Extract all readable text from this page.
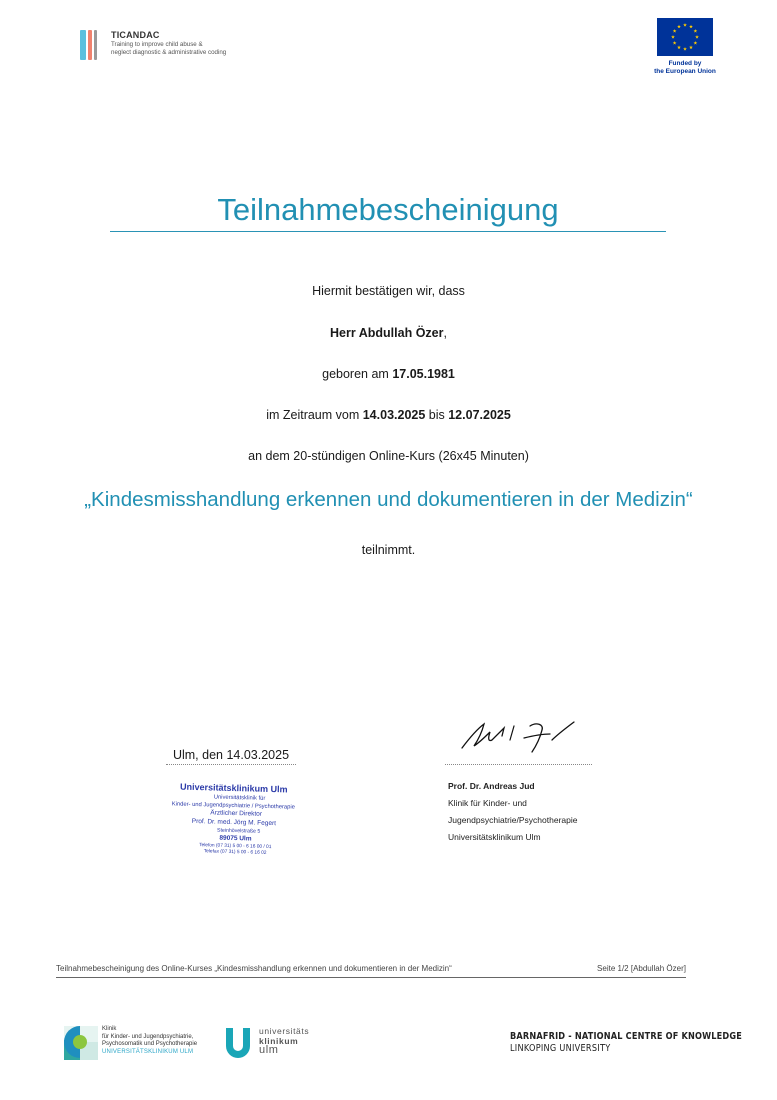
TICANDAC
Training to improve child abuse &
neglect diagnostic & administrative coding
Funded by
the European Union
Teilnahmebescheinigung
Hiermit bestätigen wir, dass
Herr Abdullah Özer,
geboren am 17.05.1981
im Zeitraum vom 14.03.2025 bis 12.07.2025
an dem 20-stündigen Online-Kurs (26x45 Minuten)
„Kindesmisshandlung erkennen und dokumentieren in der Medizin“
teilnimmt.
Ulm, den 14.03.2025
Universitätsklinikum Ulm
Universitätsklinik für
Kinder- und Jugendpsychiatrie / Psychotherapie
Ärztlicher Direktor
Prof. Dr. med. Jörg M. Fegert
Steinhövelstraße 5
89075 Ulm
Telefon (07 31) 5 00 - 6 16 00 / 01
Telefax (07 31) 5 00 - 6 16 02
Prof. Dr. Andreas Jud
Klinik für Kinder- und
Jugendpsychiatrie/Psychotherapie
Universitätsklinikum Ulm
Teilnahmebescheinigung des Online-Kurses „Kindesmisshandlung erkennen und dokumentieren in der Medizin“	Seite 1/2 [Abdullah Özer]
Klinik
für Kinder- und Jugendpsychiatrie,
Psychosomatik und Psychotherapie
UNIVERSITÄTSKLINIKUM ULM
universitäts
klinikum
ulm
BARNAFRID - NATIONAL CENTRE OF KNOWLEDGE
LINKÖPING UNIVERSITY
